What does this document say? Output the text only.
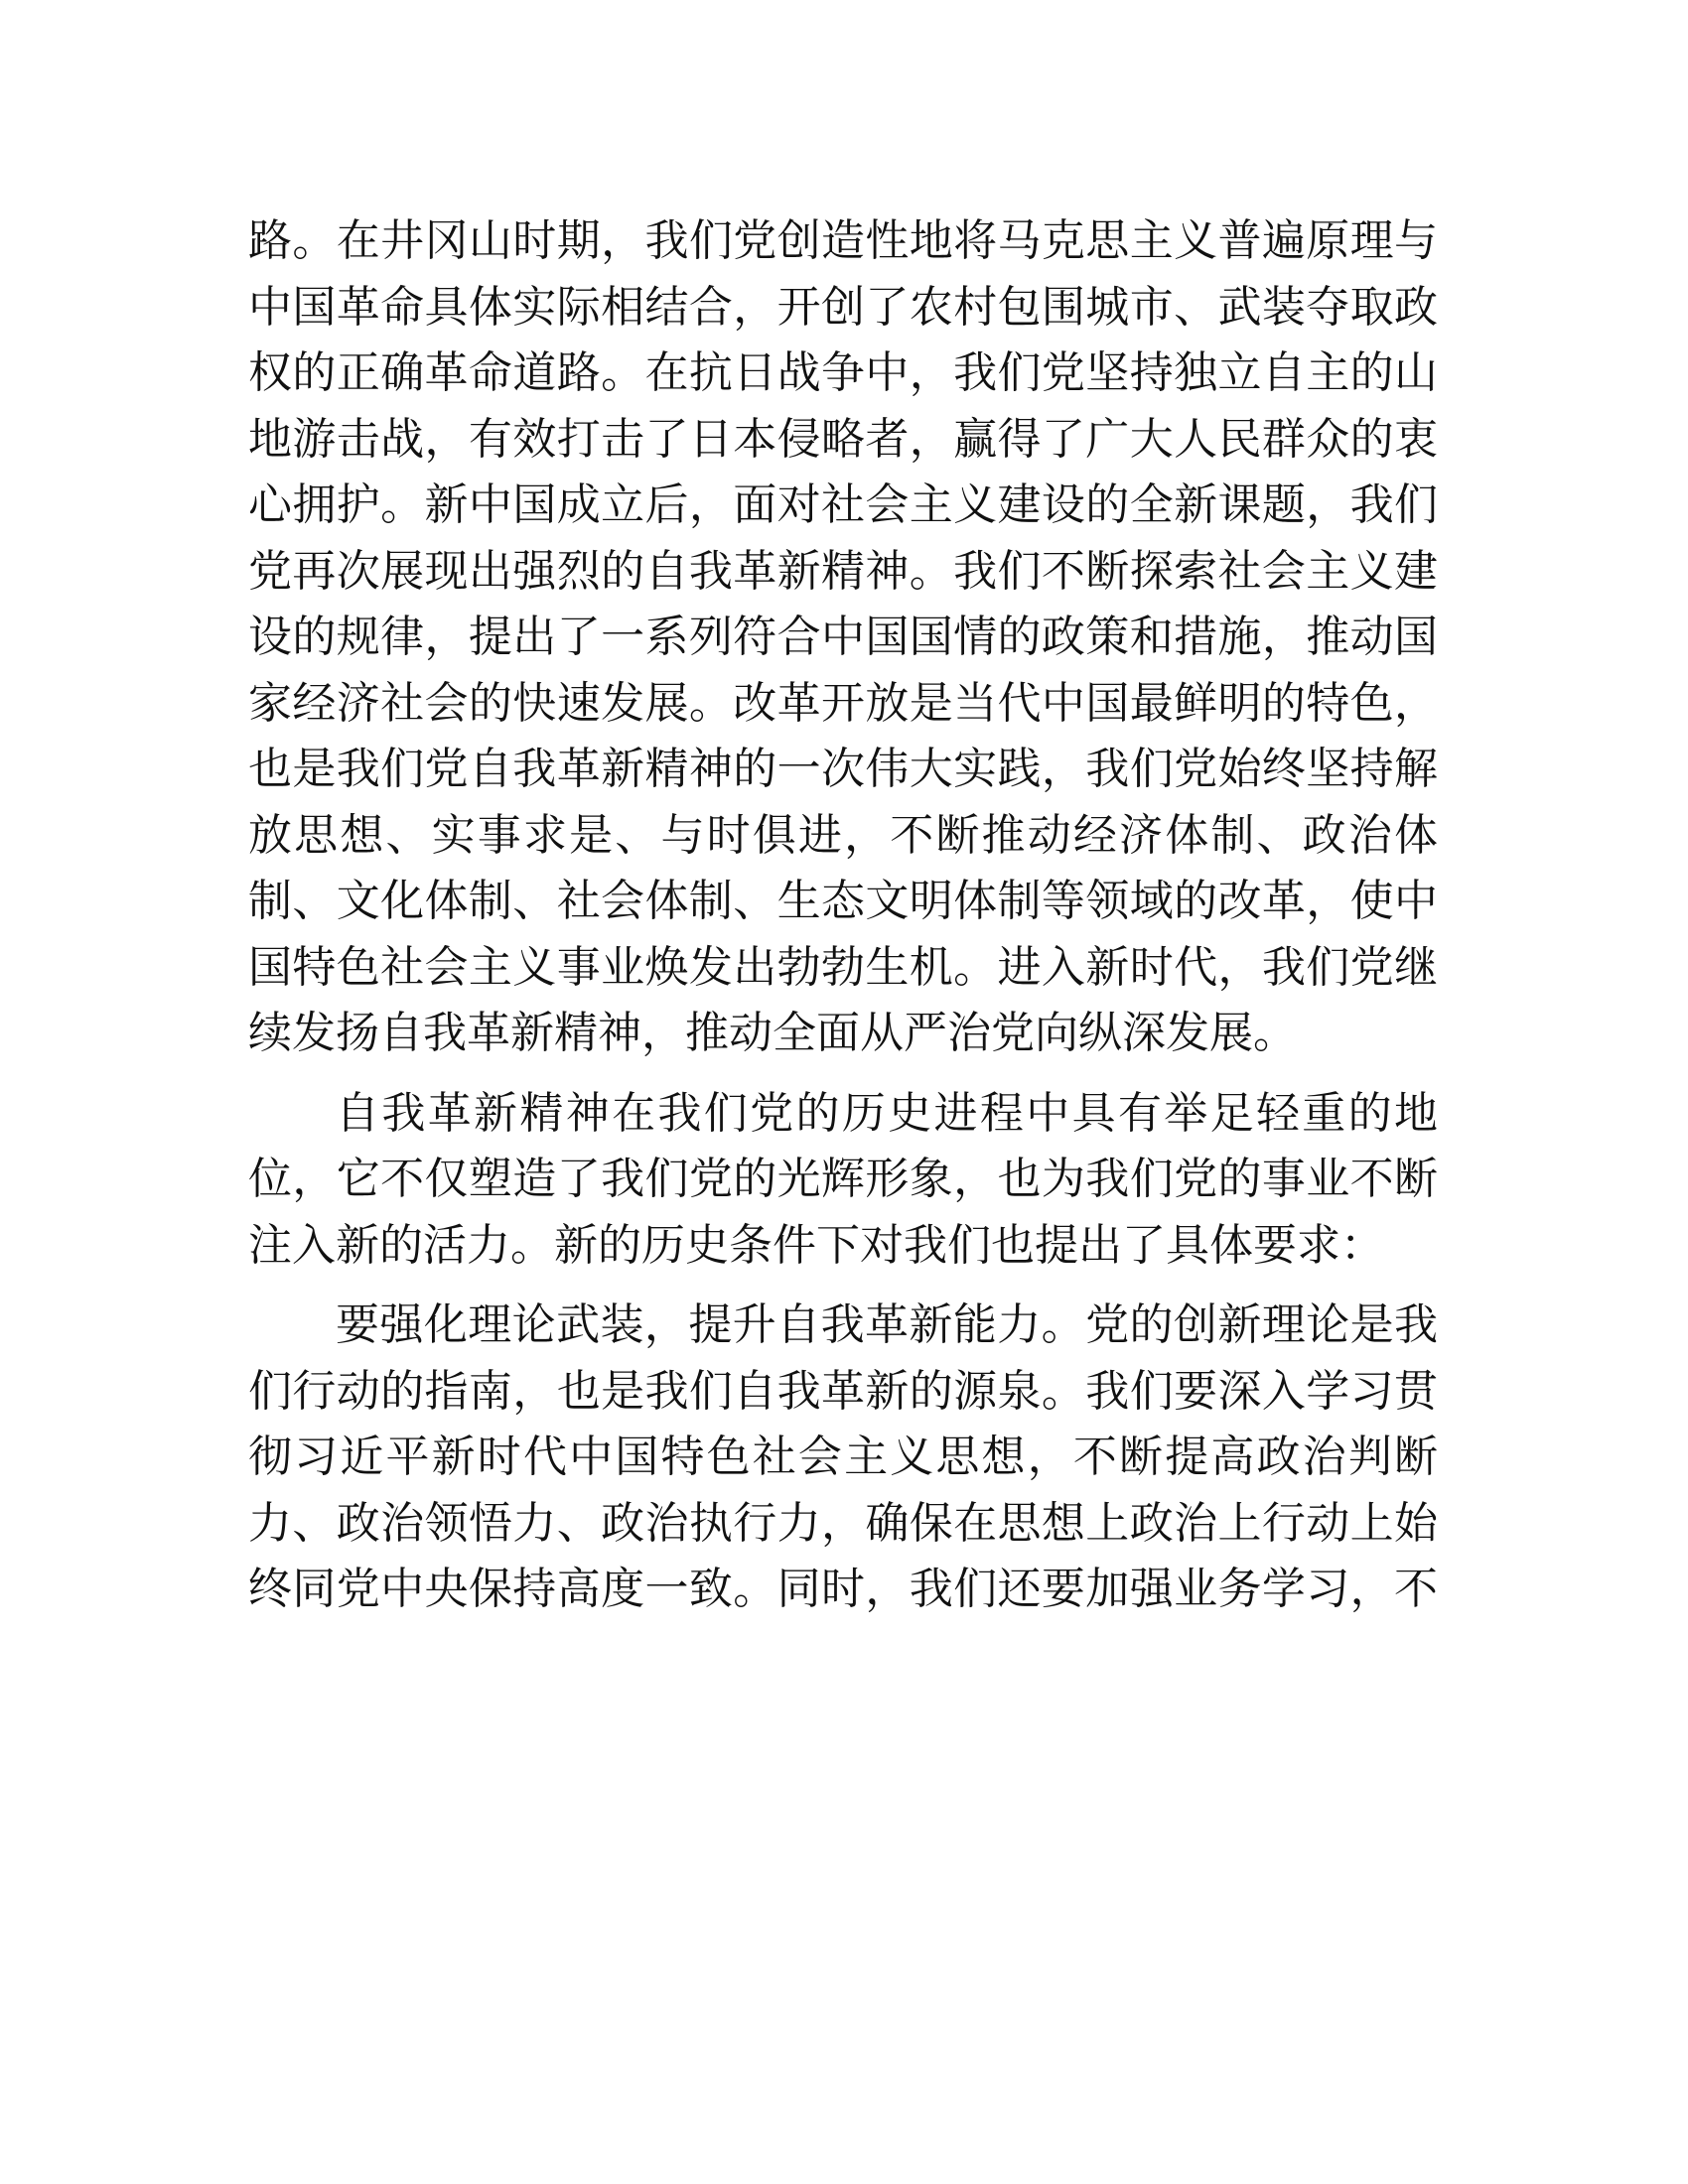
路。在井冈山时期，我们党创造性地将马克思主义普遍原理与
中国革命具体实际相结合，开创了农村包围城市、武装夺取政
权的正确革命道路。在抗日战争中，我们党坚持独立自主的山
地游击战，有效打击了日本侵略者，赢得了广大人民群众的衷
心拥护。新中国成立后，面对社会主义建设的全新课题，我们
党再次展现出强烈的自我革新精神。我们不断探索社会主义建
设的规律，提出了一系列符合中国国情的政策和措施，推动国
家经济社会的快速发展。改革开放是当代中国最鲜明的特色，
也是我们党自我革新精神的一次伟大实践，我们党始终坚持解
放思想、实事求是、与时俱进，不断推动经济体制、政治体
制、文化体制、社会体制、生态文明体制等领域的改革，使中
国特色社会主义事业焕发出勃勃生机。进入新时代，我们党继
续发扬自我革新精神，推动全面从严治党向纵深发展。
自我革新精神在我们党的历史进程中具有举足轻重的地
位，它不仅塑造了我们党的光辉形象，也为我们党的事业不断
注入新的活力。新的历史条件下对我们也提出了具体要求：
要强化理论武装，提升自我革新能力。党的创新理论是我
们行动的指南，也是我们自我革新的源泉。我们要深入学习贯
彻习近平新时代中国特色社会主义思想，不断提高政治判断
力、政治领悟力、政治执行力，确保在思想上政治上行动上始
终同党中央保持高度一致。同时，我们还要加强业务学习，不
